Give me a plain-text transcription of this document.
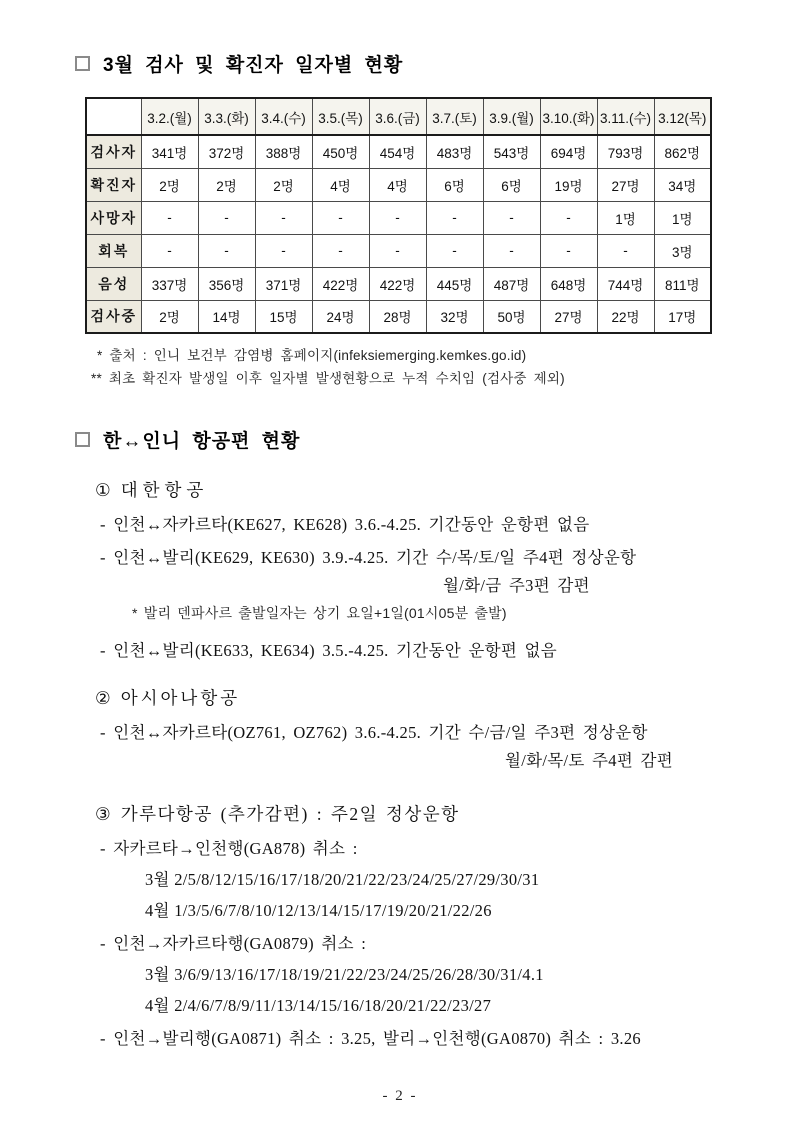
3월 검사 및 확진자 일자별 현황
	3.2.(월)	3.3.(화)	3.4.(수)	3.5.(목)	3.6.(금)	3.7.(토)	3.9.(월)	3.10.(화)	3.11.(수)	3.12(목)
검사자	341명	372명	388명	450명	454명	483명	543명	694명	793명	862명
확진자	2명	2명	2명	4명	4명	6명	6명	19명	27명	34명
사망자	-	-	-	-	-	-	-	-	1명	1명
회복	-	-	-	-	-	-	-	-	-	3명
음성	337명	356명	371명	422명	422명	445명	487명	648명	744명	811명
검사중	2명	14명	15명	24명	28명	32명	50명	27명	22명	17명
* 출처 : 인니 보건부 감염병 홈페이지(infeksiemerging.kemkes.go.id)
** 최초 확진자 발생일 이후 일자별 발생현황으로 누적 수치임 (검사중 제외)
한↔인니 항공편 현황
① 대한항공
- 인천↔자카르타(KE627, KE628) 3.6.-4.25. 기간동안 운항편 없음
- 인천↔발리(KE629, KE630) 3.9.-4.25. 기간 수/목/토/일 주4편 정상운항
월/화/금 주3편 감편
* 발리 덴파사르 출발일자는 상기 요일+1일(01시05분 출발)
- 인천↔발리(KE633, KE634) 3.5.-4.25. 기간동안 운항편 없음
② 아시아나항공
- 인천↔자카르타(OZ761, OZ762) 3.6.-4.25. 기간 수/금/일 주3편 정상운항
월/화/목/토 주4편 감편
③ 가루다항공 (추가감편) : 주2일 정상운항
- 자카르타→인천행(GA878) 취소 :
3월 2/5/8/12/15/16/17/18/20/21/22/23/24/25/27/29/30/31
4월 1/3/5/6/7/8/10/12/13/14/15/17/19/20/21/22/26
- 인천→자카르타행(GA0879) 취소 :
3월 3/6/9/13/16/17/18/19/21/22/23/24/25/26/28/30/31/4.1
4월 2/4/6/7/8/9/11/13/14/15/16/18/20/21/22/23/27
- 인천→발리행(GA0871) 취소 : 3.25, 발리→인천행(GA0870) 취소 : 3.26
- 2 -
